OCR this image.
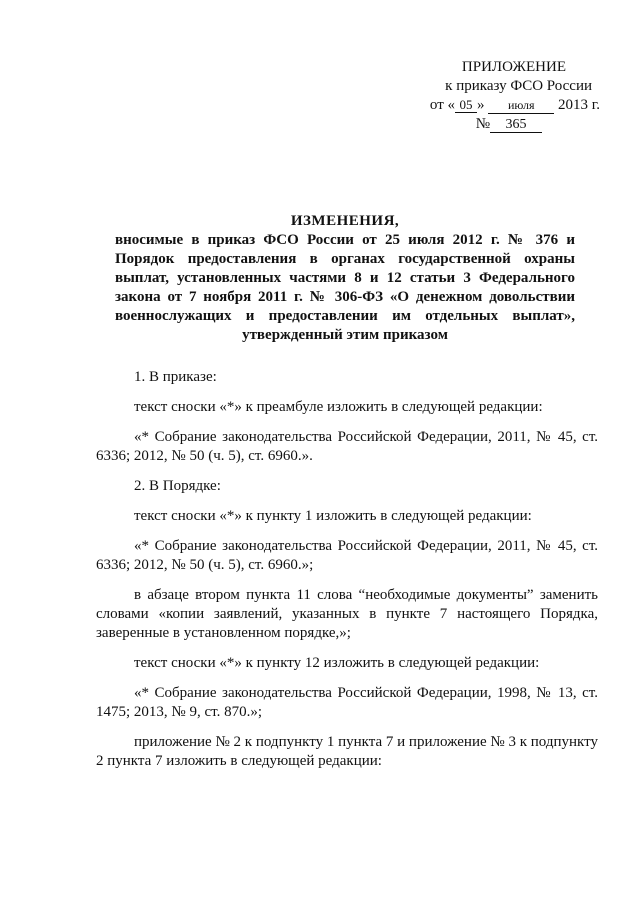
ПРИЛОЖЕНИЕ
к приказу ФСО России
от « 05 » июля 2013 г.
№ 365
ИЗМЕНЕНИЯ,
вносимые в приказ ФСО России от 25 июля 2012 г. № 376 и Порядок предоставления в органах государственной охраны выплат, установленных частями 8 и 12 статьи 3 Федерального закона от 7 ноября 2011 г. № 306-ФЗ «О денежном довольствии военнослужащих и предоставлении им отдельных выплат», утвержденный этим приказом

1. В приказе:

текст сноски «*» к преамбуле изложить в следующей редакции:

«* Собрание законодательства Российской Федерации, 2011, № 45, ст. 6336; 2012, № 50 (ч. 5), ст. 6960.».

2. В Порядке:

текст сноски «*» к пункту 1 изложить в следующей редакции:

«* Собрание законодательства Российской Федерации, 2011, № 45, ст. 6336; 2012, № 50 (ч. 5), ст. 6960.»;

в абзаце втором пункта 11 слова “необходимые документы” заменить словами «копии заявлений, указанных в пункте 7 настоящего Порядка, заверенные в установленном порядке,»;

текст сноски «*» к пункту 12 изложить в следующей редакции:

«* Собрание законодательства Российской Федерации, 1998, № 13, ст. 1475; 2013, № 9, ст. 870.»;

приложение № 2 к подпункту 1 пункта 7 и приложение № 3 к подпункту 2 пункта 7 изложить в следующей редакции:
